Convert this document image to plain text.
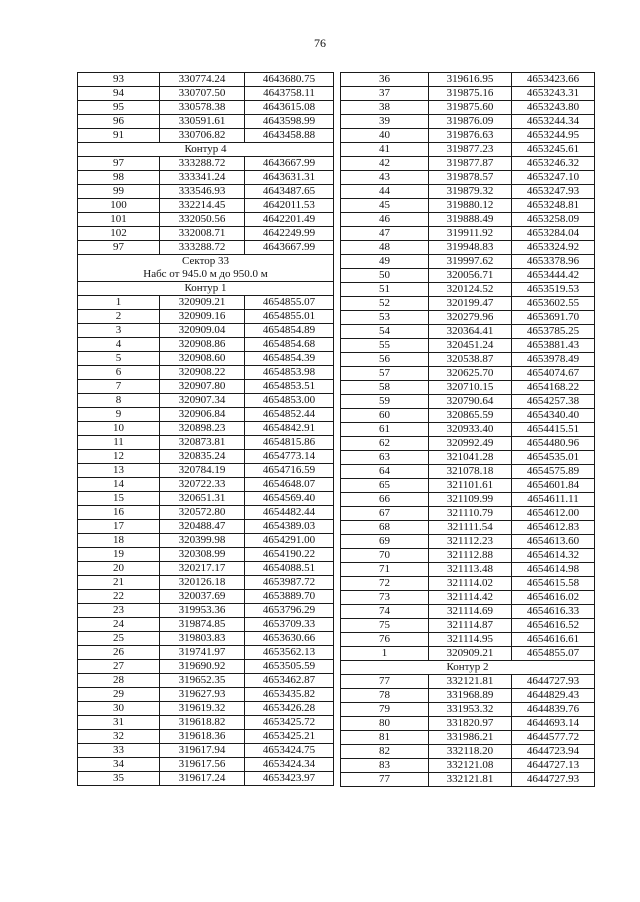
76
93	330774.24	4643680.75
94	330707.50	4643758.11
95	330578.38	4643615.08
96	330591.61	4643598.99
91	330706.82	4643458.88
Контур 4		
97	333288.72	4643667.99
98	333341.24	4643631.31
99	333546.93	4643487.65
100	332214.45	4642011.53
101	332050.56	4642201.49
102	332008.71	4642249.99
97	333288.72	4643667.99

Сектор 33
Набс от 945.0 м до 950.0 м		

Контур 1		
1	320909.21	4654855.07
2	320909.16	4654855.01
3	320909.04	4654854.89
4	320908.86	4654854.68
5	320908.60	4654854.39
6	320908.22	4654853.98
7	320907.80	4654853.51
8	320907.34	4654853.00
9	320906.84	4654852.44
10	320898.23	4654842.91
11	320873.81	4654815.86
12	320835.24	4654773.14
13	320784.19	4654716.59
14	320722.33	4654648.07
15	320651.31	4654569.40
16	320572.80	4654482.44
17	320488.47	4654389.03
18	320399.98	4654291.00
19	320308.99	4654190.22
20	320217.17	4654088.51
21	320126.18	4653987.72
22	320037.69	4653889.70
23	319953.36	4653796.29
24	319874.85	4653709.33
25	319803.83	4653630.66
26	319741.97	4653562.13
27	319690.92	4653505.59
28	319652.35	4653462.87
29	319627.93	4653435.82
30	319619.32	4653426.28
31	319618.82	4653425.72
32	319618.36	4653425.21
33	319617.94	4653424.75
34	319617.56	4653424.34
35	319617.24	4653423.97
36	319616.95	4653423.66
37	319875.16	4653243.31
38	319875.60	4653243.80
39	319876.09	4653244.34
40	319876.63	4653244.95
41	319877.23	4653245.61
42	319877.87	4653246.32
43	319878.57	4653247.10
44	319879.32	4653247.93
45	319880.12	4653248.81
46	319888.49	4653258.09
47	319911.92	4653284.04
48	319948.83	4653324.92
49	319997.62	4653378.96
50	320056.71	4653444.42
51	320124.52	4653519.53
52	320199.47	4653602.55
53	320279.96	4653691.70
54	320364.41	4653785.25
55	320451.24	4653881.43
56	320538.87	4653978.49
57	320625.70	4654074.67
58	320710.15	4654168.22
59	320790.64	4654257.38
60	320865.59	4654340.40
61	320933.40	4654415.51
62	320992.49	4654480.96
63	321041.28	4654535.01
64	321078.18	4654575.89
65	321101.61	4654601.84
66	321109.99	4654611.11
67	321110.79	4654612.00
68	321111.54	4654612.83
69	321112.23	4654613.60
70	321112.88	4654614.32
71	321113.48	4654614.98
72	321114.02	4654615.58
73	321114.42	4654616.02
74	321114.69	4654616.33
75	321114.87	4654616.52
76	321114.95	4654616.61
1	320909.21	4654855.07
Контур 2		
77	332121.81	4644727.93
78	331968.89	4644829.43
79	331953.32	4644839.76
80	331820.97	4644693.14
81	331986.21	4644577.72
82	332118.20	4644723.94
83	332121.08	4644727.13
77	332121.81	4644727.93
